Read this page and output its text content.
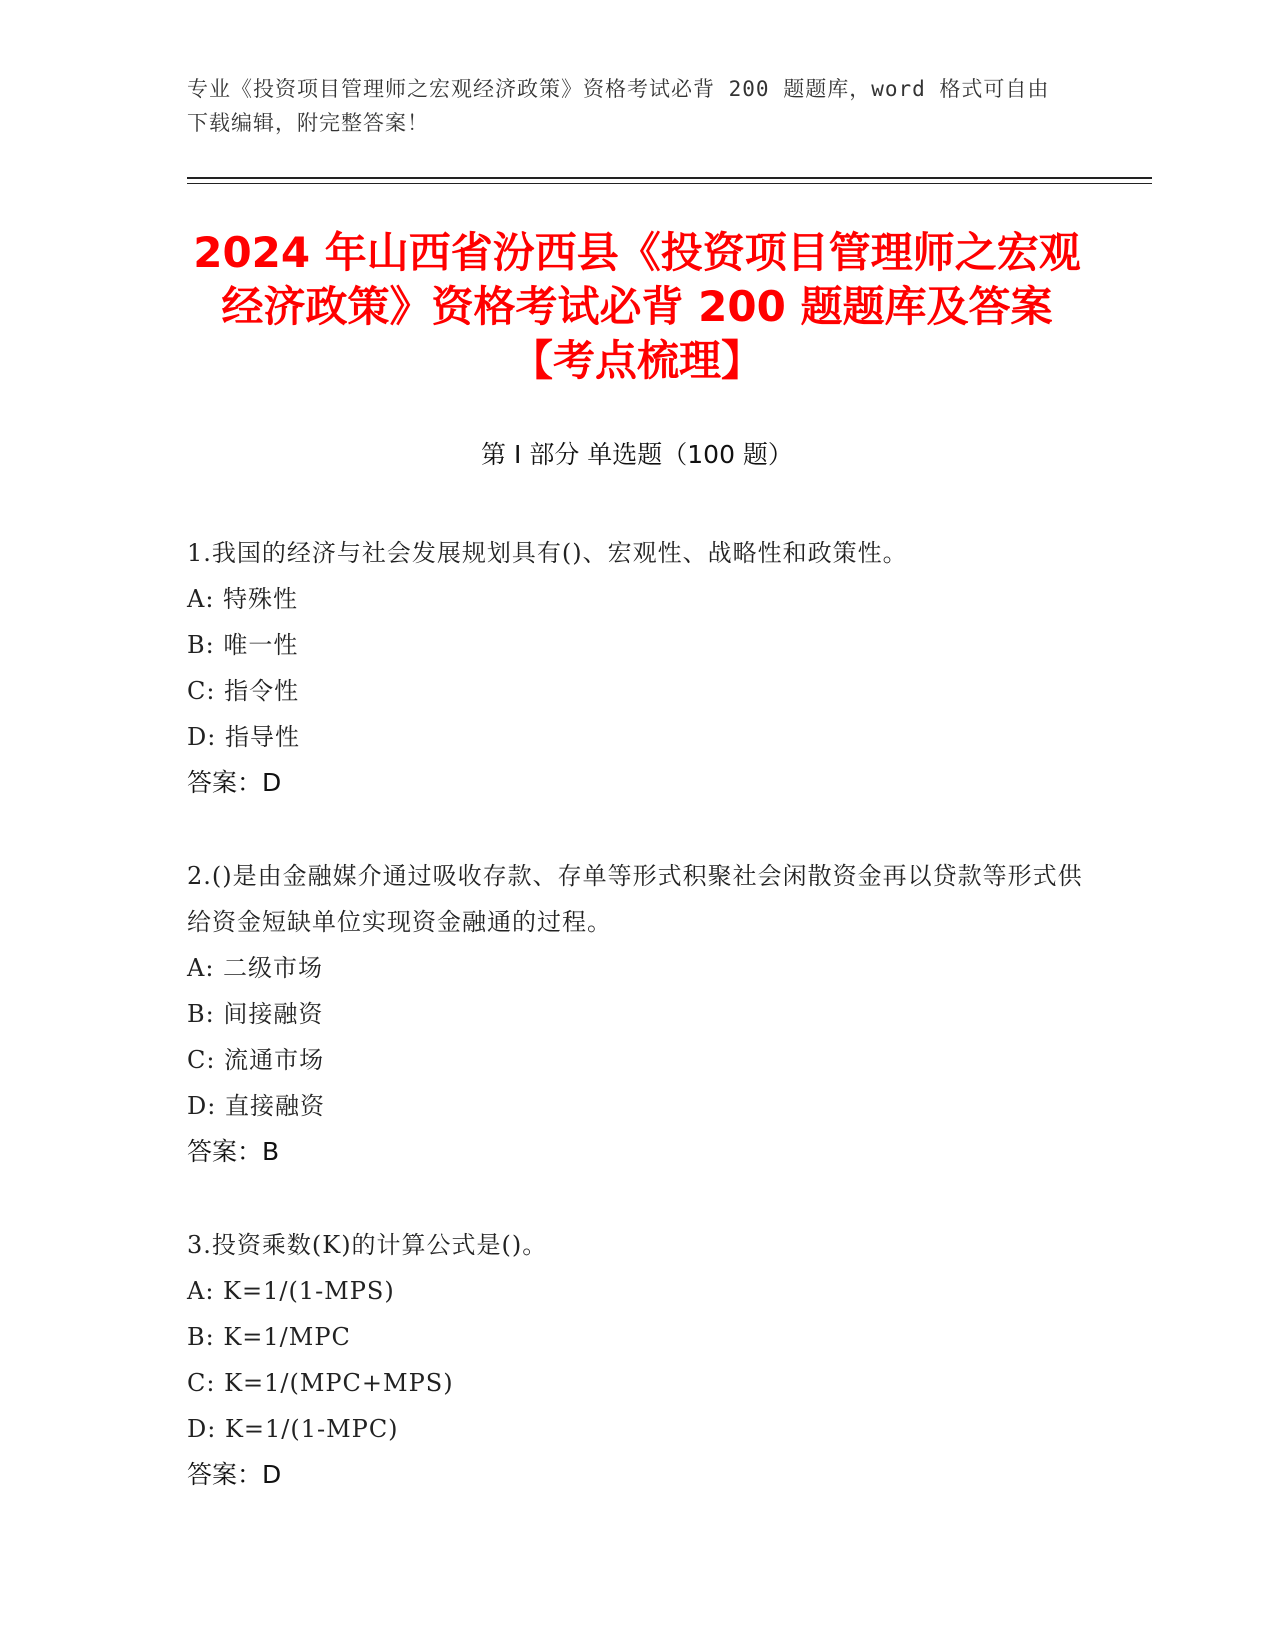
专业《投资项目管理师之宏观经济政策》资格考试必背 200 题题库，word 格式可自由下载编辑，附完整答案！
2024 年山西省汾西县《投资项目管理师之宏观经济政策》资格考试必背 200 题题库及答案【考点梳理】
第 I 部分 单选题（100 题）
1.我国的经济与社会发展规划具有()、宏观性、战略性和政策性。
A: 特殊性
B: 唯一性
C: 指令性
D: 指导性
答案：D
2.()是由金融媒介通过吸收存款、存单等形式积聚社会闲散资金再以贷款等形式供给资金短缺单位实现资金融通的过程。
A: 二级市场
B: 间接融资
C: 流通市场
D: 直接融资
答案：B
3.投资乘数(K)的计算公式是()。
A: K=1/(1-MPS)
B: K=1/MPC
C: K=1/(MPC+MPS)
D: K=1/(1-MPC)
答案：D
